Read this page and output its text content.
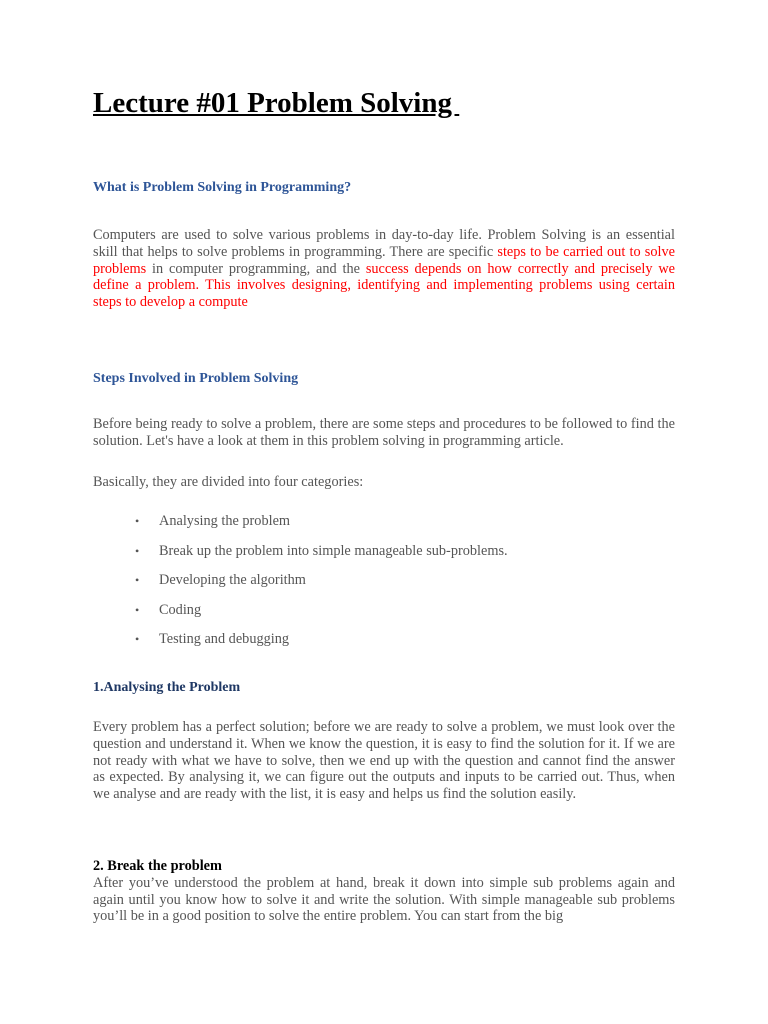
Lecture #01 Problem Solving
What is Problem Solving in Programming?

Computers are used to solve various problems in day-to-day life. Problem Solving is an essential skill that helps to solve problems in programming. There are specific steps to be carried out to solve problems in computer programming, and the success depends on how correctly and precisely we define a problem. This involves designing, identifying and implementing problems using certain steps to develop a compute

Steps Involved in Problem Solving

Before being ready to solve a problem, there are some steps and procedures to be followed to find the solution. Let's have a look at them in this problem solving in programming article.

Basically, they are divided into four categories:

• Analysing the problem
• Break up the problem into simple manageable sub-problems.
• Developing the algorithm
• Coding
• Testing and debugging
1.Analysing the Problem

Every problem has a perfect solution; before we are ready to solve a problem, we must look over the question and understand it. When we know the question, it is easy to find the solution for it. If we are not ready with what we have to solve, then we end up with the question and cannot find the answer as expected. By analysing it, we can figure out the outputs and inputs to be carried out. Thus, when we analyse and are ready with the list, it is easy and helps us find the solution easily.

2. Break the problem
After you’ve understood the problem at hand, break it down into simple sub problems again and again until you know how to solve it and write the solution. With simple manageable sub problems you’ll be in a good position to solve the entire problem. You can start from the big
